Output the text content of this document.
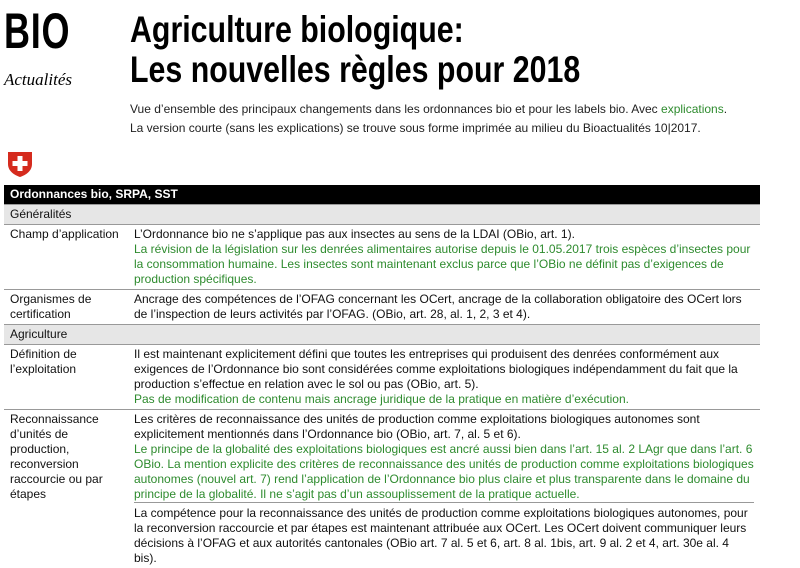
BIO
Actualités
Agriculture biologique:
Les nouvelles règles pour 2018
Vue d’ensemble des principaux changements dans les ordonnances bio et pour les labels bio. Avec explications.
La version courte (sans les explications) se trouve sous forme imprimée au milieu du Bioactualités 10|2017.
Ordonnances bio, SRPA, SST
Généralités
Champ d’application	L’Ordonnance bio ne s’applique pas aux insectes au sens de la LDAI (OBio, art. 1).

La révision de la législation sur les denrées alimentaires autorise depuis le 01.05.2017 trois espèces d’insectes pour la consommation humaine. Les insectes sont maintenant exclus parce que l’OBio ne définit pas d’exigences de production spécifiques.

Organismes de certification

Ancrage des compétences de l’OFAG concernant les OCert, ancrage de la collaboration obligatoire des OCert lors de l’inspection de leurs activités par l’OFAG. (OBio, art. 28, al. 1, 2, 3 et 4).

Agriculture
Définition de l’exploitation

Il est maintenant explicitement défini que toutes les entreprises qui produisent des denrées conformément aux exigences de l’Ordonnance bio sont considérées comme exploitations biologiques indépendamment du fait que la production s’effectue en relation avec le sol ou pas (OBio, art. 5).

Pas de modification de contenu mais ancrage juridique de la pratique en matière d’exécution.

Reconnaissance d’unités de production, reconversion raccourcie ou par étapes

Les critères de reconnaissance des unités de production comme exploitations biologiques autonomes sont explicitement mentionnés dans l’Ordonnance bio (OBio, art. 7, al. 5 et 6).

Le principe de la globalité des exploitations biologiques est ancré aussi bien dans l’art. 15 al. 2 LAgr que dans l’art. 6 OBio. La mention explicite des critères de reconnaissance des unités de production comme exploitations biologiques autonomes (nouvel art. 7) rend l’application de l’Ordonnance bio plus claire et plus transparente dans le domaine du principe de la globalité. Il ne s’agit pas d’un assouplissement de la pratique actuelle.

La compétence pour la reconnaissance des unités de production comme exploitations biologiques autonomes, pour la reconversion raccourcie et par étapes est maintenant attribuée aux OCert. Les OCert doivent communiquer leurs décisions à l’OFAG et aux autorités cantonales (OBio art. 7 al. 5 et 6, art. 8 al. 1bis, art. 9 al. 2 et 4, art. 30e al. 4 bis).
